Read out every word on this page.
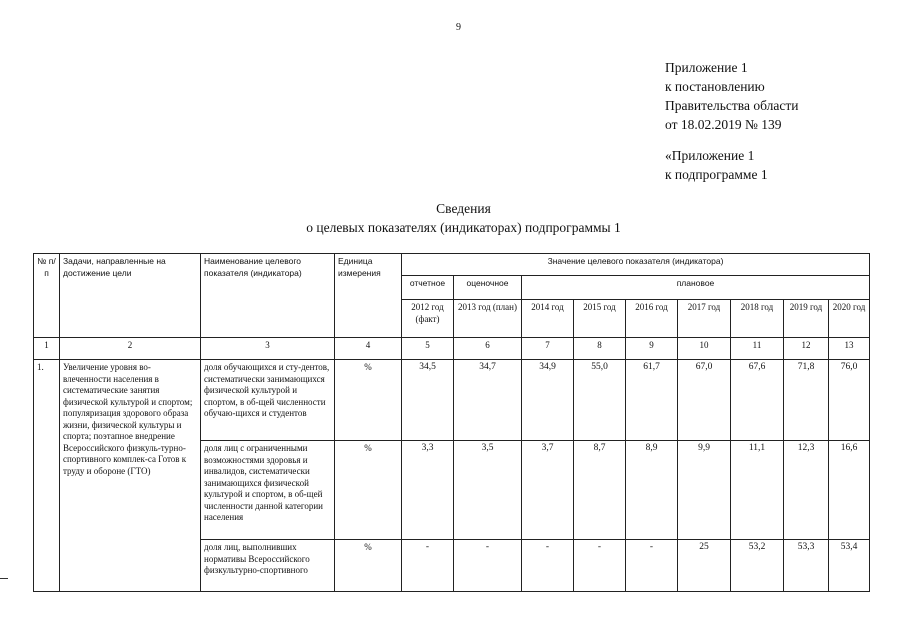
9
Приложение 1
к постановлению
Правительства области
от 18.02.2019 № 139
«Приложение 1
к подпрограмме 1
Сведения
о целевых показателях (индикаторах) подпрограммы 1
№ п/п	Задачи, направленные на достижение цели	Наименование целевого показателя (индикатора)	Единица измерения	Значение целевого показателя (индикатора)								
				отчетное	оценочное	плановое						
				2012 год (факт)	2013 год (план)	2014 год	2015 год	2016 год	2017 год	2018 год	2019 год	2020 год
1	2	3	4	5	6	7	8	9	10	11	12	13
1.	Увеличение уровня во-влеченности населения в систематические занятия физической культурой и спортом; популяризация здорового образа жизни, физической культуры и спорта; поэтапное внедрение Всероссийского физкуль-турно-спортивного комплек-са Готов к труду и обороне (ГТО)	доля обучающихся и сту-дентов, систематически занимающихся физической культурой и спортом, в об-щей численности обучаю-щихся и студентов	%	34,5	34,7	34,9	55,0	61,7	67,0	67,6	71,8	76,0
		доля лиц с ограниченными возможностями здоровья и инвалидов, систематически занимающихся физической культурой и спортом, в об-щей численности данной категории населения	%	3,3	3,5	3,7	8,7	8,9	9,9	11,1	12,3	16,6
		доля лиц, выполнивших нормативы Всероссийского физкультурно-спортивного	%	-	-	-	-	-	25	53,2	53,3	53,4
